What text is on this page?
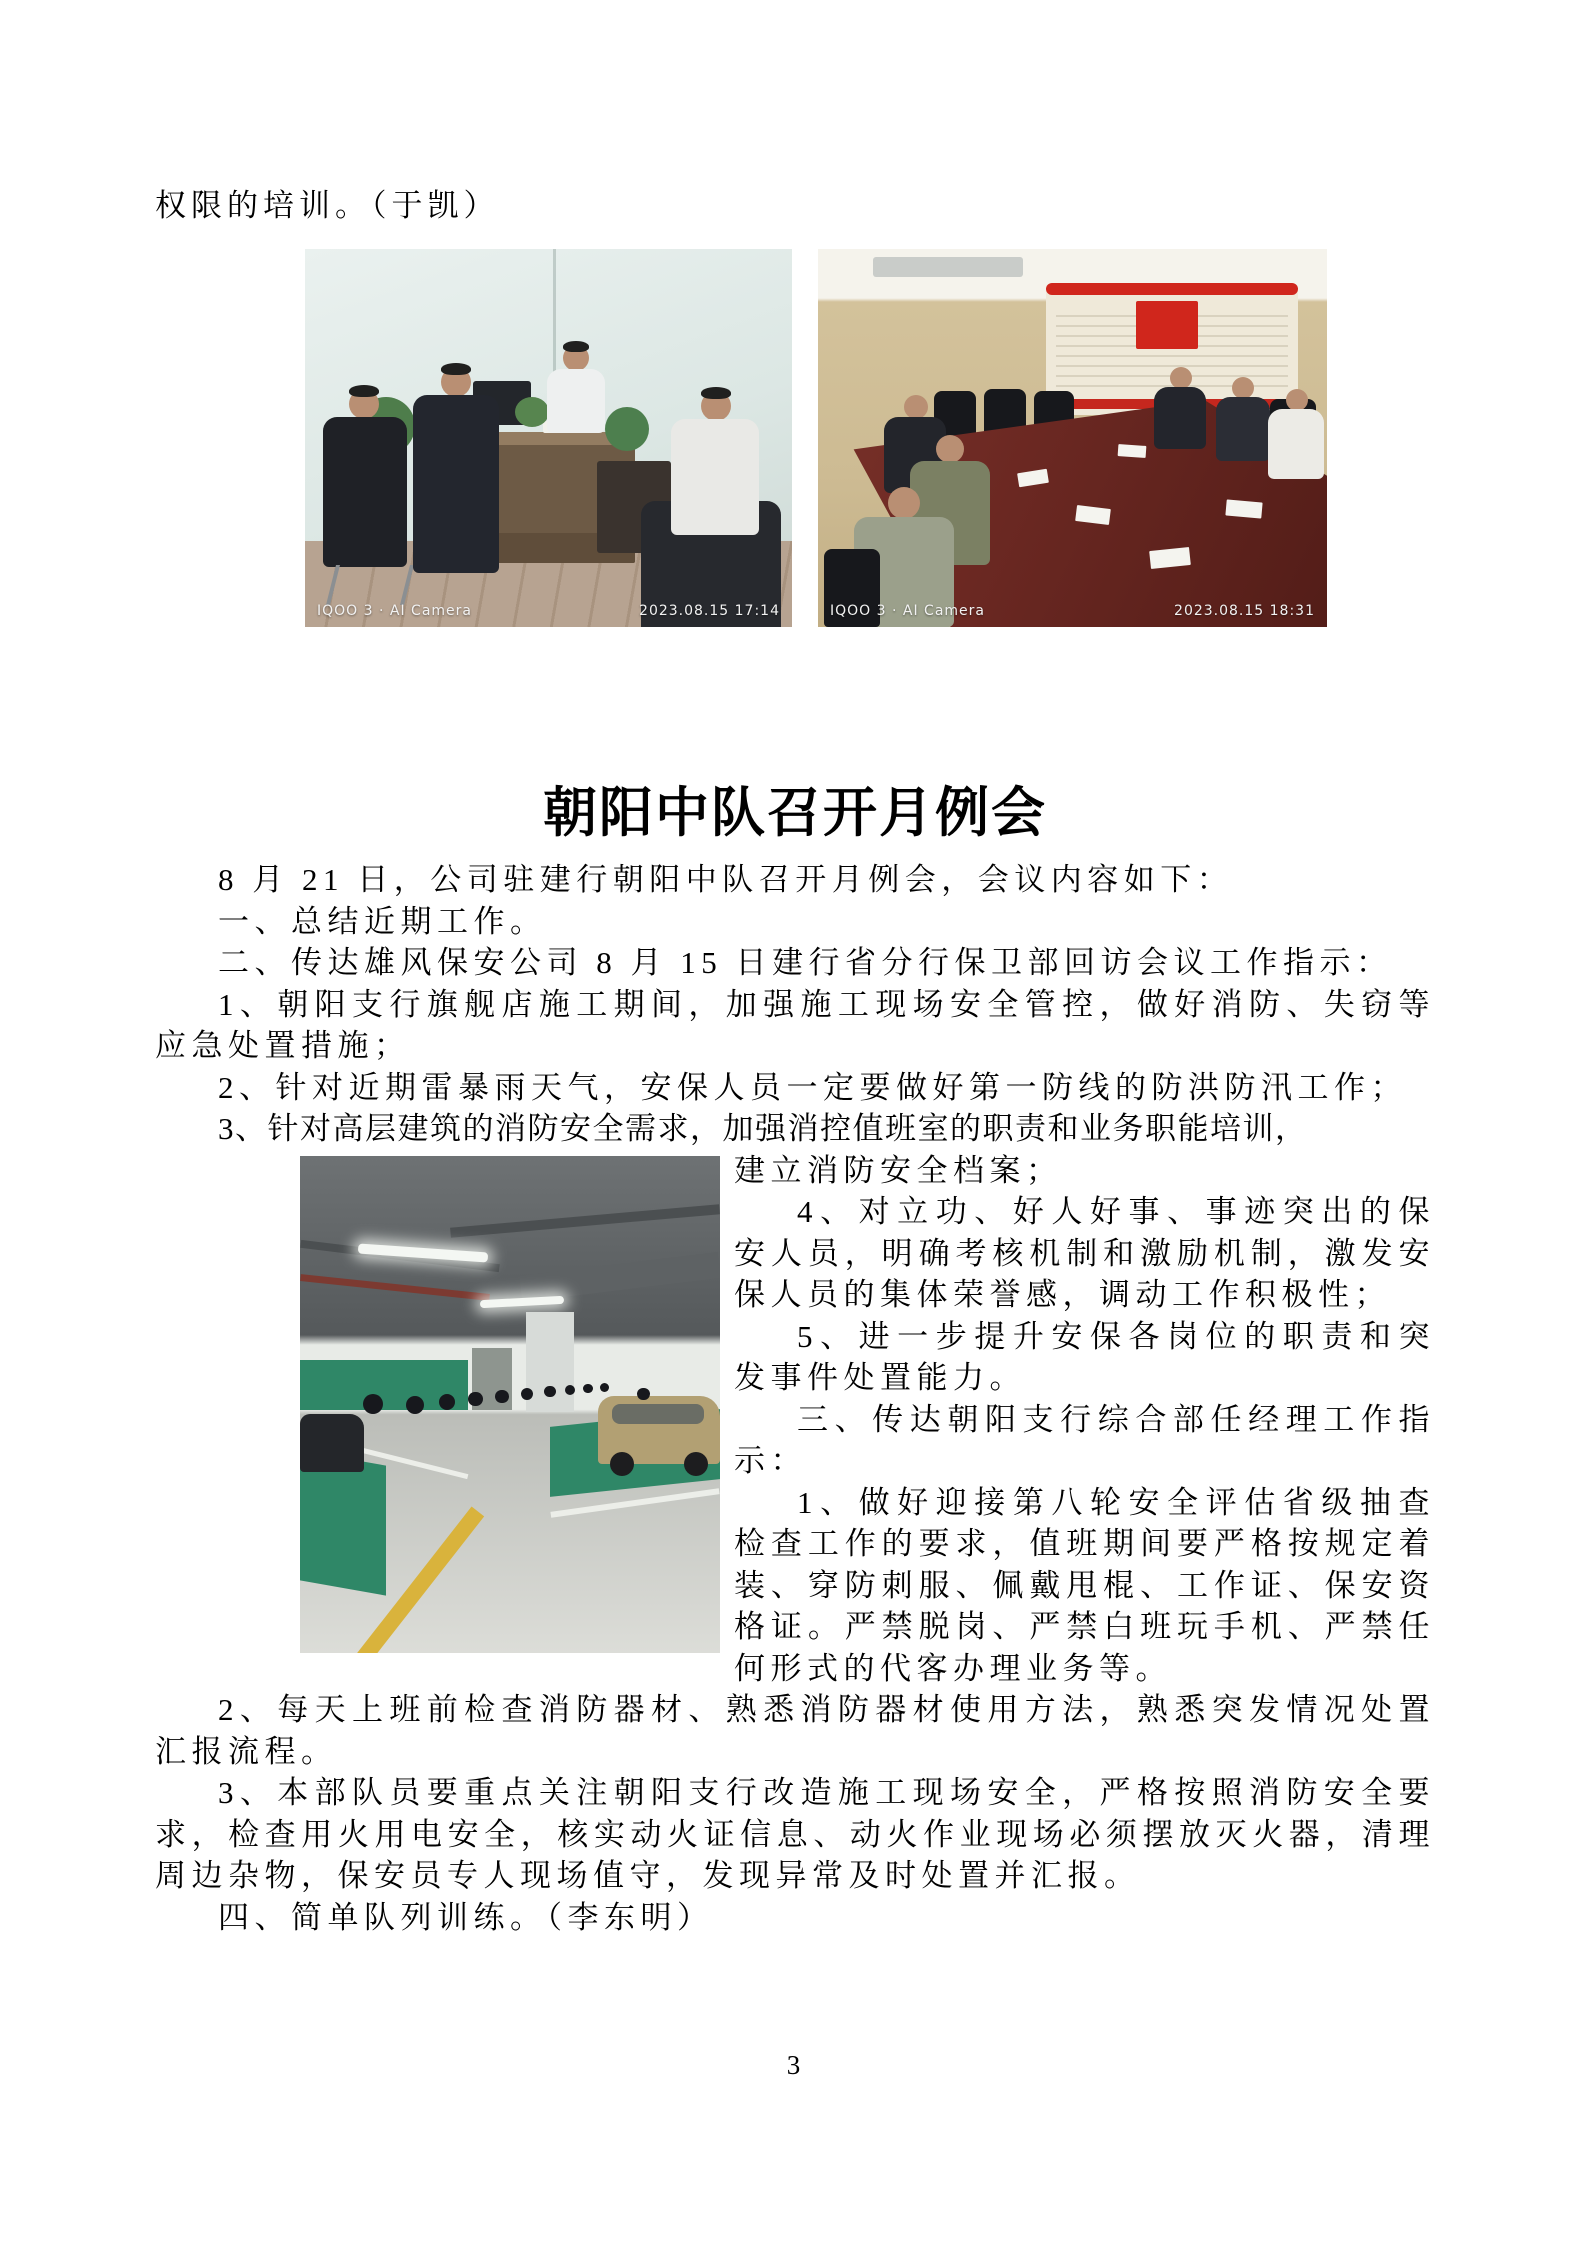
权限的培训。（于凯）

IQOO 3 · AI Camera	2023.08.15 17:14	IQOO 3 · AI Camera	2023.08.15 18:31
朝阳中队召开月例会

8 月 21 日，公司驻建行朝阳中队召开月例会，会议内容如下：

一、总结近期工作。

二、传达雄风保安公司 8 月 15 日建行省分行保卫部回访会议工作指示：

1、朝阳支行旗舰店施工期间，加强施工现场安全管控，做好消防、失窃等应急处置措施；

2、针对近期雷暴雨天气，安保人员一定要做好第一防线的防洪防汛工作；

3、针对高层建筑的消防安全需求，加强消控值班室的职责和业务职能培训，

建立消防安全档案；

4、对立功、好人好事、事迹突出的保安人员，明确考核机制和激励机制，激发安保人员的集体荣誉感，调动工作积极性；

5、进一步提升安保各岗位的职责和突发事件处置能力。

三、传达朝阳支行综合部任经理工作指示：

1、做好迎接第八轮安全评估省级抽查检查工作的要求，值班期间要严格按规定着装、穿防刺服、佩戴甩棍、工作证、保安资格证。严禁脱岗、严禁白班玩手机、严禁任何形式的代客办理业务等。

2、每天上班前检查消防器材、熟悉消防器材使用方法，熟悉突发情况处置汇报流程。

3、本部队员要重点关注朝阳支行改造施工现场安全，严格按照消防安全要求，检查用火用电安全，核实动火证信息、动火作业现场必须摆放灭火器，清理周边杂物，保安员专人现场值守，发现异常及时处置并汇报。

四、简单队列训练。（李东明）

3
